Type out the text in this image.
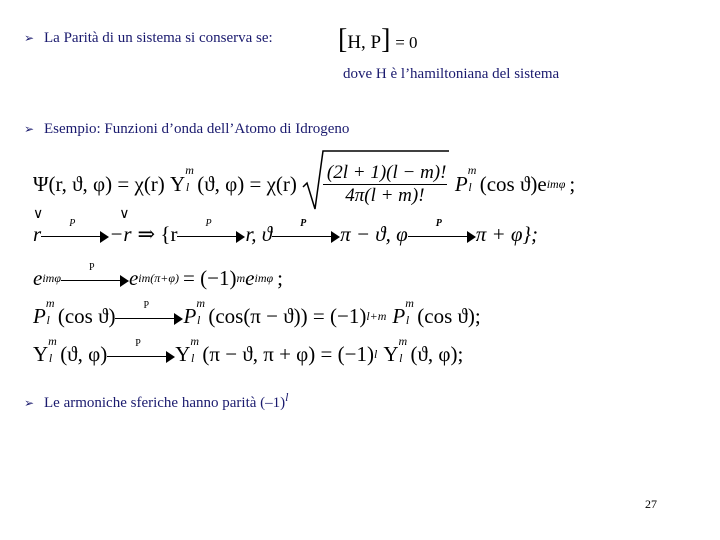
➢ La Parità di un sistema si conserva se: [H, P] = 0
dove H è l’hamiltoniana del sistema
➢ Esempio: Funzioni d’onda dell’Atomo di Idrogeno
Ψ(r, ϑ, φ) = χ(r) Y
ml (ϑ, $\varphi) = \chi(r) \frac{(2l + 1)(l - m)!}{4\pi(l + m)!}$ P
ml (cos ϑ)e imφ ;
∨
r	P
∨
−r ⇒ {r	P r, ϑ	P π − ϑ, φ	P π + φ};
e imφ
P e im(π+φ) = (−1) m e imφ ;
P
ml (cos ϑ)	P P
ml (cos(π − ϑ)) = (−1) l+m P
ml (cos ϑ);
Y
ml (ϑ, φ)	P Y
ml (π − ϑ, π + φ) = (−1) l Y
ml (ϑ, φ);
➢ Le armoniche sferiche hanno parità $(-1)^l$
27
